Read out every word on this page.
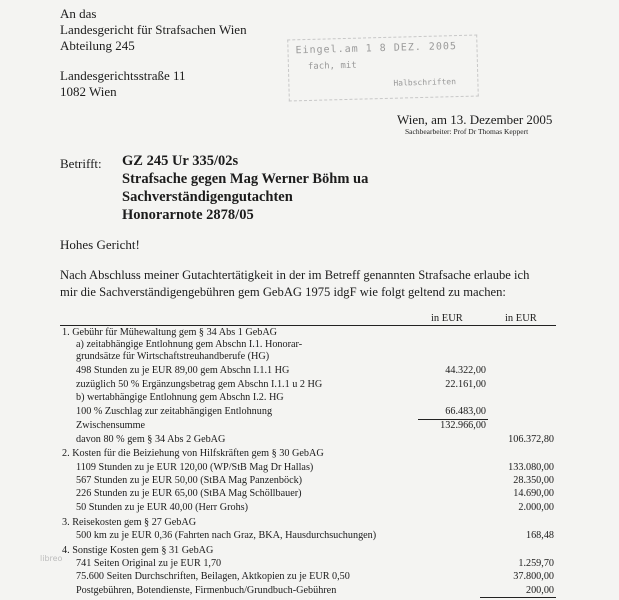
An das
Landesgericht für Strafsachen Wien
Abteilung 245
Landesgerichtsstraße 11
1082 Wien
Eingel.am 1 8 DEZ. 2005
fach, mit
Halbschriften
Wien, am 13. Dezember 2005
Sachbearbeiter: Prof Dr Thomas Keppert
Betrifft: GZ 245 Ur 335/02s
Strafsache gegen Mag Werner Böhm ua
Sachverständigengutachten
Honorarnote 2878/05
Hohes Gericht!
Nach Abschluss meiner Gutachtertätigkeit in der im Betreff genannten Strafsache erlaube ich
mir die Sachverständigengebühren gem GebAG 1975 idgF wie folgt geltend zu machen:
in EUR	in EUR
1. Gebühr für Mühewaltung gem § 34 Abs 1 GebAG
a) zeitabhängige Entlohnung gem Abschn I.1. Honorar-
grundsätze für Wirtschaftstreuhandberufe (HG)
498 Stunden zu je EUR 89,00 gem Abschn I.1.1 HG	44.322,00
zuzüglich 50 % Ergänzungsbetrag gem Abschn I.1.1 u 2 HG	22.161,00
b) wertabhängige Entlohnung gem Abschn I.2. HG
100 % Zuschlag zur zeitabhängigen Entlohnung	66.483,00
Zwischensumme	132.966,00
davon 80 % gem § 34 Abs 2 GebAG	106.372,80
2. Kosten für die Beiziehung von Hilfskräften gem § 30 GebAG
1109 Stunden zu je EUR 120,00 (WP/StB Mag Dr Hallas)	133.080,00
567 Stunden zu je EUR 50,00 (StBA Mag Panzenböck)	28.350,00
226 Stunden zu je EUR 65,00 (StBA Mag Schöllbauer)	14.690,00
50 Stunden zu je EUR 40,00 (Herr Grohs)	2.000,00
3. Reisekosten gem § 27 GebAG
500 km zu je EUR 0,36 (Fahrten nach Graz, BKA, Hausdurchsuchungen)	168,48
4. Sonstige Kosten gem § 31 GebAG
741 Seiten Original zu je EUR 1,70	1.259,70
75.600 Seiten Durchschriften, Beilagen, Aktkopien zu je EUR 0,50	37.800,00
Postgebühren, Botendienste, Firmenbuch/Grundbuch-Gebühren	200,00
libreo
